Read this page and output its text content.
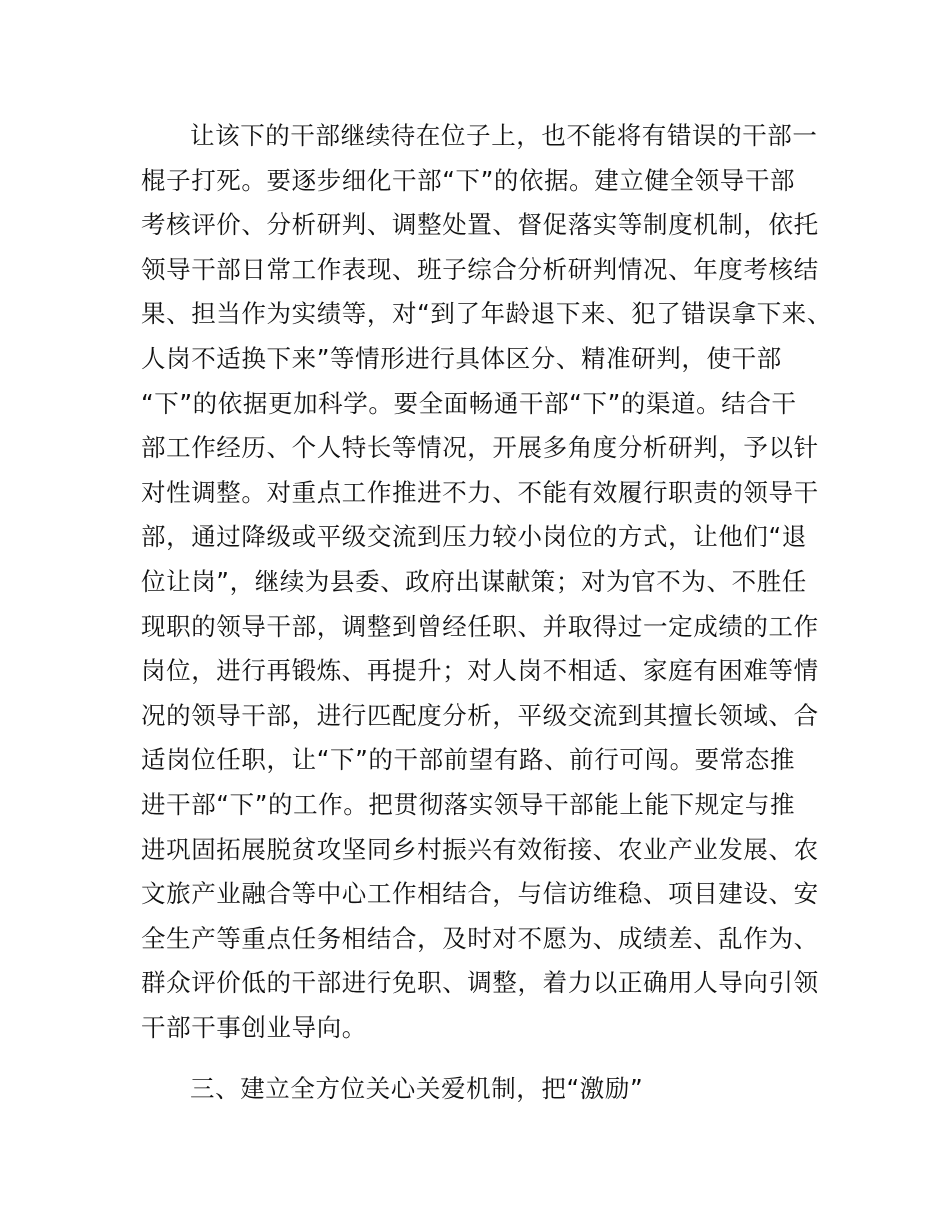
让该下的干部继续待在位子上，也不能将有错误的干部一
棍子打死。要逐步细化干部“下”的依据。建立健全领导干部
考核评价、分析研判、调整处置、督促落实等制度机制，依托
领导干部日常工作表现、班子综合分析研判情况、年度考核结
果、担当作为实绩等，对“到了年龄退下来、犯了错误拿下来、
人岗不适换下来”等情形进行具体区分、精准研判，使干部
“下”的依据更加科学。要全面畅通干部“下”的渠道。结合干
部工作经历、个人特长等情况，开展多角度分析研判，予以针
对性调整。对重点工作推进不力、不能有效履行职责的领导干
部，通过降级或平级交流到压力较小岗位的方式，让他们“退
位让岗”，继续为县委、政府出谋献策；对为官不为、不胜任
现职的领导干部，调整到曾经任职、并取得过一定成绩的工作
岗位，进行再锻炼、再提升；对人岗不相适、家庭有困难等情
况的领导干部，进行匹配度分析，平级交流到其擅长领域、合
适岗位任职，让“下”的干部前望有路、前行可闯。要常态推
进干部“下”的工作。把贯彻落实领导干部能上能下规定与推
进巩固拓展脱贫攻坚同乡村振兴有效衔接、农业产业发展、农
文旅产业融合等中心工作相结合，与信访维稳、项目建设、安
全生产等重点任务相结合，及时对不愿为、成绩差、乱作为、
群众评价低的干部进行免职、调整，着力以正确用人导向引领
干部干事创业导向。
三、建立全方位关心关爱机制，把“激励”
